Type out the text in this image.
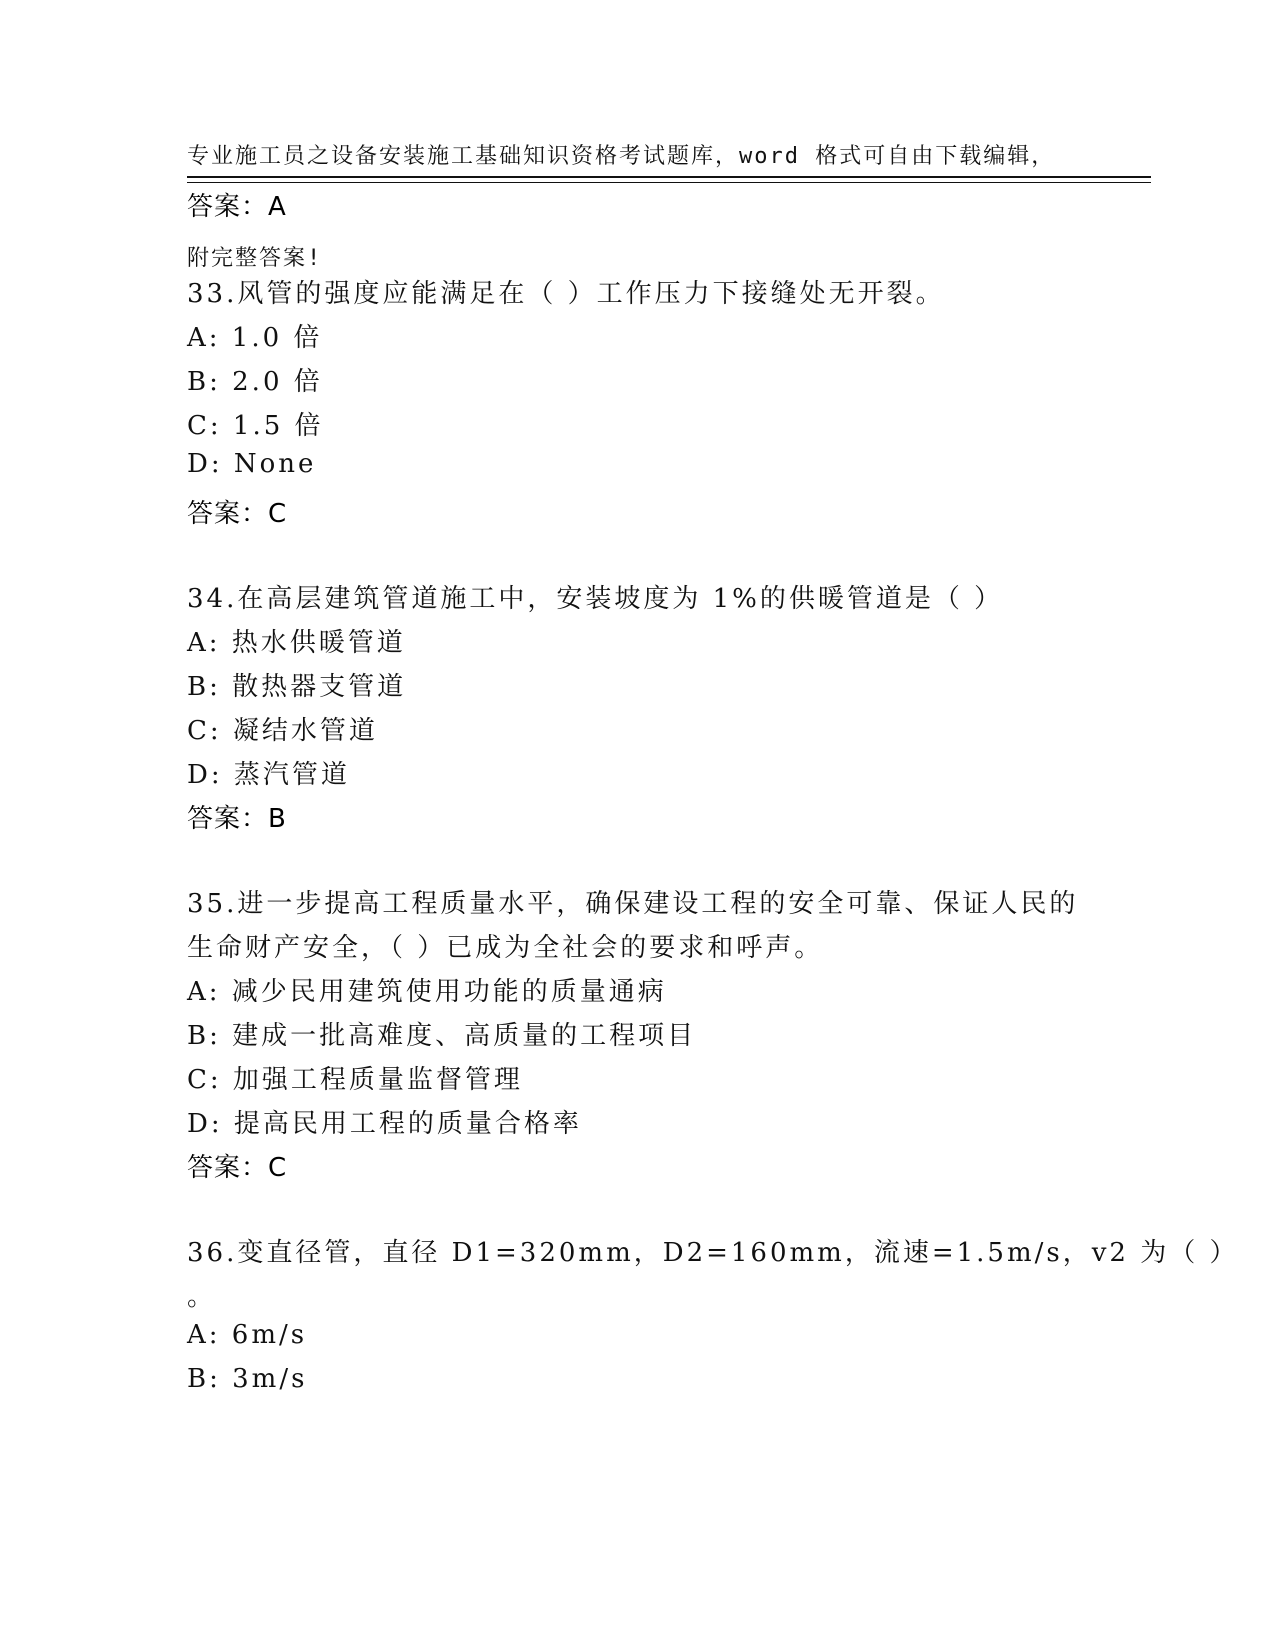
专业施工员之设备安装施工基础知识资格考试题库，word 格式可自由下载编辑，

附完整答案!

答案：A
33.风管的强度应能满足在（ ）工作压力下接缝处无开裂。
A: 1.0 倍
B: 2.0 倍
C: 1.5 倍
D: None
答案：C
34.在高层建筑管道施工中，安装坡度为 1%的供暖管道是（ ）
A: 热水供暖管道
B: 散热器支管道
C: 凝结水管道
D: 蒸汽管道
答案：B
35.进一步提高工程质量水平，确保建设工程的安全可靠、保证人民的
生命财产安全，（ ）已成为全社会的要求和呼声。
A: 减少民用建筑使用功能的质量通病
B: 建成一批高难度、高质量的工程项目
C: 加强工程质量监督管理
D: 提高民用工程的质量合格率
答案：C
36.变直径管，直径 D1=320mm，D2=160mm，流速=1.5m/s，v2 为（ ）
。
A: 6m/s
B: 3m/s
